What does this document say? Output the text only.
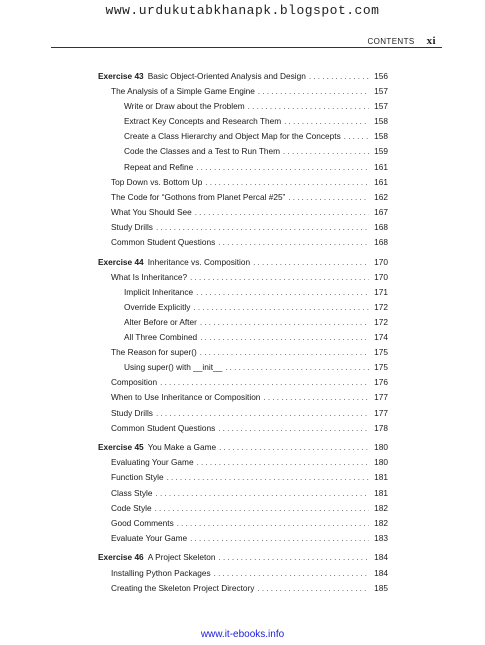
www.urdukutabkhanapk.blogspot.com
CONTENTS xi
Exercise 43 Basic Object-Oriented Analysis and Design . . .	156
The Analysis of a Simple Game Engine . . .	157
Write or Draw about the Problem . . .	157
Extract Key Concepts and Research Them . . .	158
Create a Class Hierarchy and Object Map for the Concepts . . .	158
Code the Classes and a Test to Run Them . . .	159
Repeat and Refine . . .	161
Top Down vs. Bottom Up . . .	161
The Code for “Gothons from Planet Percal #25” . . .	162
What You Should See . . .	167
Study Drills . . .	168
Common Student Questions . . .	168
Exercise 44 Inheritance vs. Composition . . .	170
What Is Inheritance? . . .	170
Implicit Inheritance . . .	171
Override Explicitly . . .	172
Alter Before or After . . .	172
All Three Combined . . .	174
The Reason for super() . . .	175
Using super() with __init__ . . .	175
Composition . . .	176
When to Use Inheritance or Composition . . .	177
Study Drills . . .	177
Common Student Questions . . .	178
Exercise 45 You Make a Game . . .	180
Evaluating Your Game . . .	180
Function Style . . .	181
Class Style . . .	181
Code Style . . .	182
Good Comments . . .	182
Evaluate Your Game . . .	183
Exercise 46 A Project Skeleton . . .	184
Installing Python Packages . . .	184
Creating the Skeleton Project Directory . . .	185
www.it-ebooks.info
